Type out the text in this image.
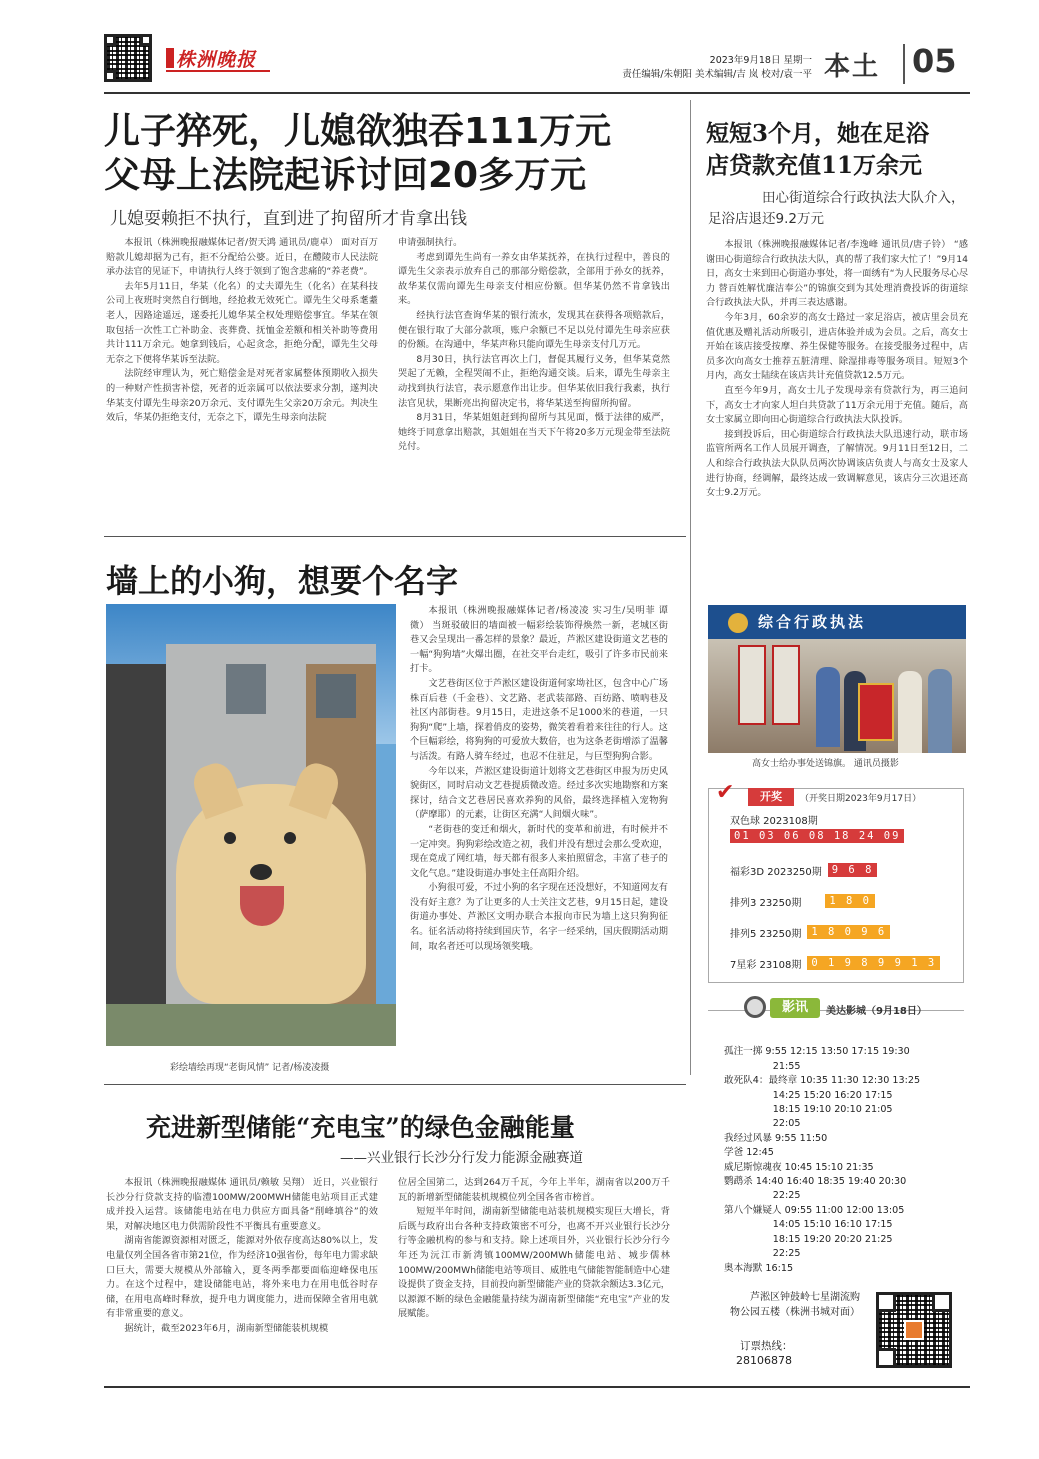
株洲晚报	2023年9月18日 星期一
责任编辑/朱朝阳 美术编辑/吉 岚 校对/袁一平 本土 05
儿子猝死，儿媳欲独吞111万元
父母上法院起诉讨回20多万元
儿媳耍赖拒不执行，直到进了拘留所才肯拿出钱

本报讯（株洲晚报融媒体记者/贺天鸿 通讯员/鹿卓） 面对百万赔款儿媳却据为己有，拒不分配给公婆。近日，在醴陵市人民法院承办法官的见证下，申请执行人终于领到了饱含悲痛的“养老费”。

去年5月11日，华某（化名）的丈夫谭先生（化名）在某科技公司上夜班时突然自行倒地，经抢救无效死亡。谭先生父母系耄耋老人，因路途遥远，遂委托儿媳华某全权处理赔偿事宜。华某在领取包括一次性工亡补助金、丧葬费、抚恤金差额和相关补助等费用共计111万余元。她拿到钱后，心起贪念，拒绝分配，谭先生父母无奈之下便将华某诉至法院。

法院经审理认为，死亡赔偿金是对死者家属整体预期收入损失的一种财产性损害补偿，死者的近亲属可以依法要求分割，遂判决华某支付谭先生母亲20万余元、支付谭先生父亲20万余元。判决生效后，华某仍拒绝支付，无奈之下，谭先生母亲向法院

申请强制执行。

考虑到谭先生尚有一养女由华某抚养，在执行过程中，善良的谭先生父亲表示放弃自己的那部分赔偿款，全部用于孙女的抚养，故华某仅需向谭先生母亲支付相应份额。但华某仍然不肯拿钱出来。

经执行法官查询华某的银行流水，发现其在获得各项赔款后，便在银行取了大部分款项，账户余额已不足以兑付谭先生母亲应获的份额。在沟通中，华某声称只能向谭先生母亲支付几万元。

8月30日，执行法官再次上门，督促其履行义务，但华某竟然哭起了无赖，全程哭闹不止，拒绝沟通交谈。后来，谭先生母亲主动找到执行法官，表示愿意作出让步。但华某依旧我行我素，执行法官见状，果断亮出拘留决定书，将华某送至拘留所拘留。

8月31日，华某姐姐赶到拘留所与其见面，慑于法律的威严，她终于同意拿出赔款，其姐姐在当天下午将20多万元现金带至法院兑付。

短短3个月，她在足浴
店贷款充值11万余元
田心街道综合行政执法大队介入，足浴店退还9.2万元

本报讯（株洲晚报融媒体记者/李逸峰 通讯员/唐子铃） “感谢田心街道综合行政执法大队，真的帮了我们家大忙了！”9月14日，高女士来到田心街道办事处，将一面绣有“为人民服务尽心尽力 替百姓解忧廉洁奉公”的锦旗交到为其处理消费投诉的街道综合行政执法大队，并再三表达感谢。

今年3月，60余岁的高女士路过一家足浴店，被店里会员充值优惠及赠礼活动所吸引，进店体验并成为会员。之后，高女士开始在该店接受按摩、养生保健等服务。在接受服务过程中，店员多次向高女士推荐五脏清理、除湿排毒等服务项目。短短3个月内，高女士陆续在该店共计充值贷款12.5万元。

直至今年9月，高女士儿子发现母亲有贷款行为，再三追问下，高女士才向家人坦白共贷款了11万余元用于充值。随后，高女士家属立即向田心街道综合行政执法大队投诉。

接到投诉后，田心街道综合行政执法大队迅速行动，联市场监管所两名工作人员展开调查，了解情况。9月11日至12日，二人和综合行政执法大队队员两次协调该店负责人与高女士及家人进行协商，经调解，最终达成一致调解意见，该店分三次退还高女士9.2万元。

综合行政执法
高女士给办事处送锦旗。 通讯员摄影
✔	开奖	（开奖日期2023年9月17日）
双色球 2023108期
01 03 06 08 18 24 09
福彩3D 2023250期 9 6 8
排列3 23250期	1 8 0
排列5 23250期 1 8 0 9 6
7星彩 23108期 0 1 9 8 9 9 1 3
影讯	美达影城（9月18日）

孤注一掷 9:55 12:15 13:50 17:15 19:30
21:55
敢死队4：最终章 10:35 11:30 12:30 13:25
14:25 15:20 16:20 17:15
18:15 19:10 20:10 21:05
22:05
我经过风暴 9:55 11:50
学爸 12:45
威尼斯惊魂夜 10:45 15:10 21:35
鹦鹉杀 14:40 16:40 18:35 19:40 20:30
22:25
第八个嫌疑人 09:55 11:00 12:00 13:05
14:05 15:10 16:10 17:15
18:15 19:20 20:20 21:25
22:25
奥本海默 16:15

芦淞区钟鼓岭七星湖流购物公园五楼（株洲书城对面）
订票热线：
28106878
墙上的小狗，想要个名字
彩绘墙绘再现“老街风情” 记者/杨凌凌摄

本报讯（株洲晚报融媒体记者/杨凌凌 实习生/吴明菲 谭微） 当斑驳破旧的墙面被一幅彩绘装饰得焕然一新，老城区街巷又会呈现出一番怎样的景象？最近，芦淞区建设街道文艺巷的一幅“狗狗墙”火爆出圈，在社交平台走红，吸引了许多市民前来打卡。

文艺巷街区位于芦淞区建设街道何家坳社区，包含中心广场株百后巷（千金巷）、文艺路、老武装部路、百纺路、喷吶巷及社区内部街巷。9月15日，走进这条不足1000米的巷道，一只狗狗“爬”上墙，探着俏皮的姿势，微笑着看着来往往的行人。这个巨幅彩绘，将狗狗的可爱放大数倍，也为这条老街增添了温馨与活泼。有路人骑车经过，也忍不住驻足，与巨型狗狗合影。

今年以来，芦淞区建设街道计划将文艺巷街区申报为历史风貌街区，同时启动文艺巷提质微改造。经过多次实地勘察和方案探讨，结合文艺巷居民喜欢养狗的风俗，最终选择植入宠物狗（萨摩耶）的元素，让街区充满“人间烟火味”。

“老街巷的变迁和烟火，新时代的变革和前进，有时候并不一定冲突。狗狗彩绘改造之初，我们并没有想过会那么受欢迎，现在竟成了网红墙，每天都有很多人来拍照留念，丰富了巷子的文化气息。”建设街道办事处主任高阳介绍。

小狗很可爱，不过小狗的名字现在还没想好，不知道网友有没有好主意？为了让更多的人士关注文艺巷，9月15日起，建设街道办事处、芦淞区文明办联合本报向市民为墙上这只狗狗征名。征名活动将持续到国庆节，名字一经采纳，国庆假期活动期间，取名者还可以现场领奖哦。

充进新型储能“充电宝”的绿色金融能量
——兴业银行长沙分行发力能源金融赛道

本报讯（株洲晚报融媒体 通讯员/赖敏 吴翔） 近日，兴业银行长沙分行贷款支持的临澧100MW/200MWH储能电站项目正式建成并投入运营。该储能电站在电力供应方面具备“削峰填谷”的效果，对解决地区电力供需阶段性不平衡具有重要意义。

湖南省能源资源相对匮乏，能源对外依存度高达80%以上，发电量仅列全国各省市第21位，作为经济10强省份，每年电力需求缺口巨大，需要大规模从外部输入，夏冬两季都要面临迎峰保电压力。在这个过程中，建设储能电站，将外来电力在用电低谷时存储，在用电高峰时释放，提升电力调度能力，进而保障全省用电就有非常重要的意义。

据统计，截至2023年6月，湖南新型储能装机规模

位居全国第二，达到264万千瓦，今年上半年，湖南省以200万千瓦的新增新型储能装机规模位列全国各省市榜首。

短短半年时间，湖南新型储能电站装机规模实现巨大增长，背后既与政府出台各种支持政策密不可分，也离不开兴业银行长沙分行等金融机构的参与和支持。除上述项目外，兴业银行长沙分行今年还为沅江市新湾镇100MW/200MWh储能电站、城步儒林100MW/200MWh储能电站等项目、威胜电气储能智能制造中心建设提供了资金支持，目前投向新型储能产业的贷款余额达3.3亿元，以源源不断的绿色金融能量持续为湖南新型储能“充电宝”产业的发展赋能。
